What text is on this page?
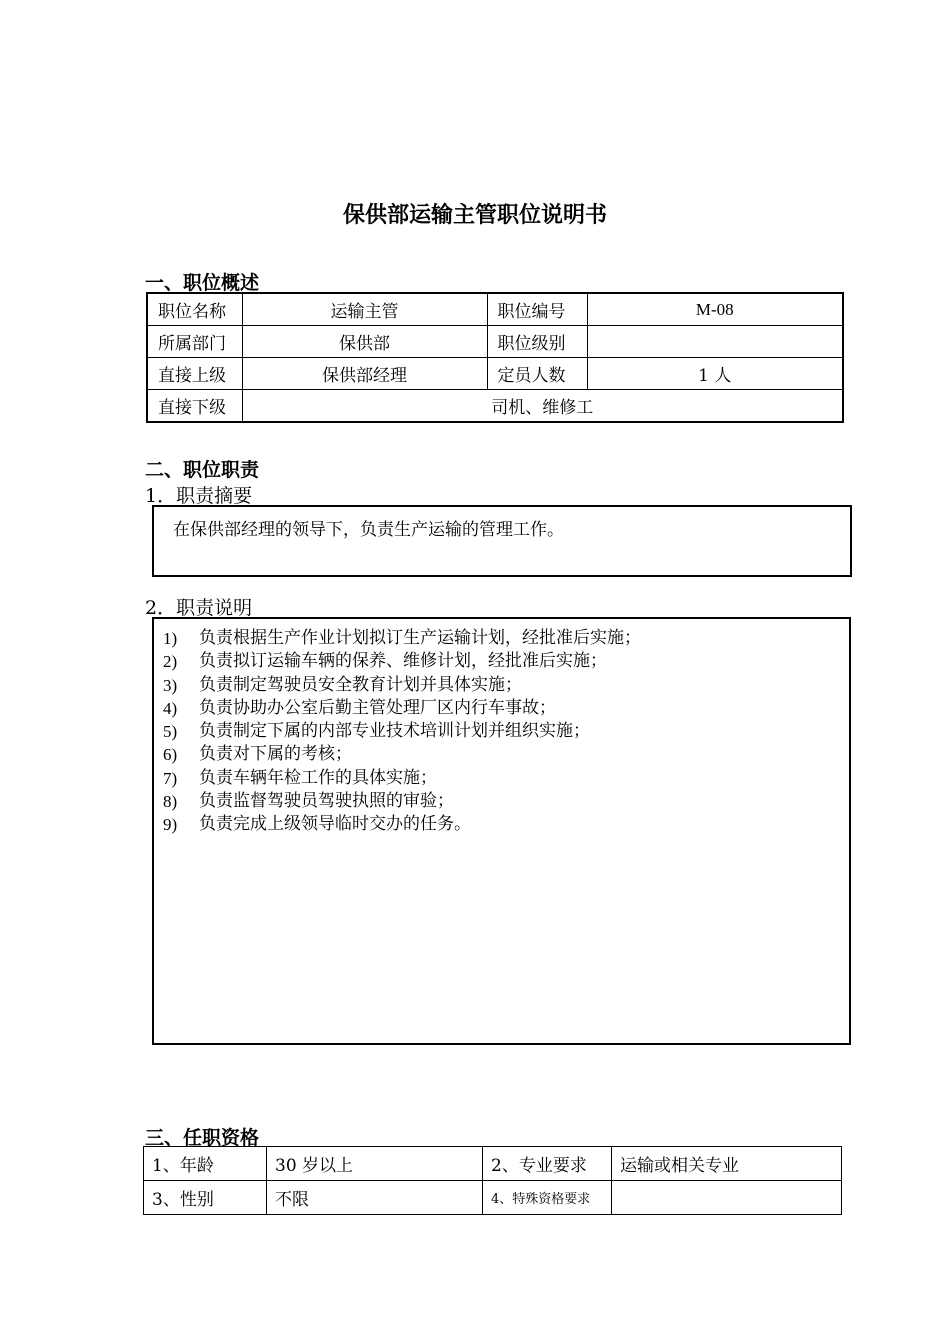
保供部运输主管职位说明书
一、职位概述
职位名称	运输主管	职位编号	M-08
所属部门	保供部	职位级别	
直接上级	保供部经理	定员人数	1 人
直接下级	司机、维修工		
二、职位职责
1．职责摘要
在保供部经理的领导下，负责生产运输的管理工作。
2．职责说明
1)	负责根据生产作业计划拟订生产运输计划，经批准后实施；
2)	负责拟订运输车辆的保养、维修计划，经批准后实施；
3)	负责制定驾驶员安全教育计划并具体实施；
4)	负责协助办公室后勤主管处理厂区内行车事故；
5)	负责制定下属的内部专业技术培训计划并组织实施；
6)	负责对下属的考核；
7)	负责车辆年检工作的具体实施；
8)	负责监督驾驶员驾驶执照的审验；
9)	负责完成上级领导临时交办的任务。
三、任职资格
1、年龄	30 岁以上	2、专业要求	运输或相关专业
3、性别	不限	4、特殊资格要求	
